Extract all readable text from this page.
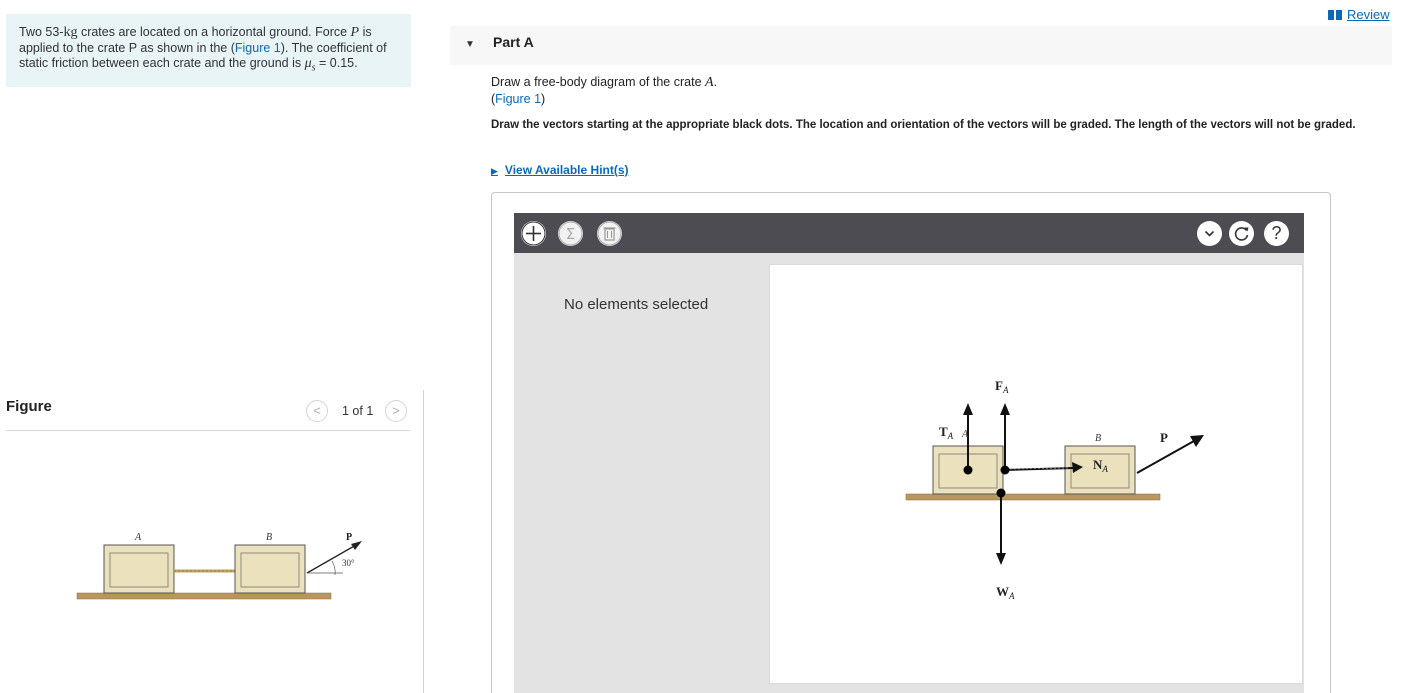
Two 53-kg crates are located on a horizontal ground. Force P is applied to the crate P as shown in the (Figure 1). The coefficient of static friction between each crate and the ground is $\mu_s = 0.15$.
Figure	<	1 of 1	>
A	B	P
30°
Review
▼ Part A
Draw a free-body diagram of the crate A.
(Figure 1)
Draw the vectors starting at the appropriate black dots. The location and orientation of the vectors will be graded. The length of the vectors will not be graded.
▶ View Available Hint(s)
Σ	?
No elements selected
$F_A$
$T_A$ A	B
$N_A$
P
$W_A$
